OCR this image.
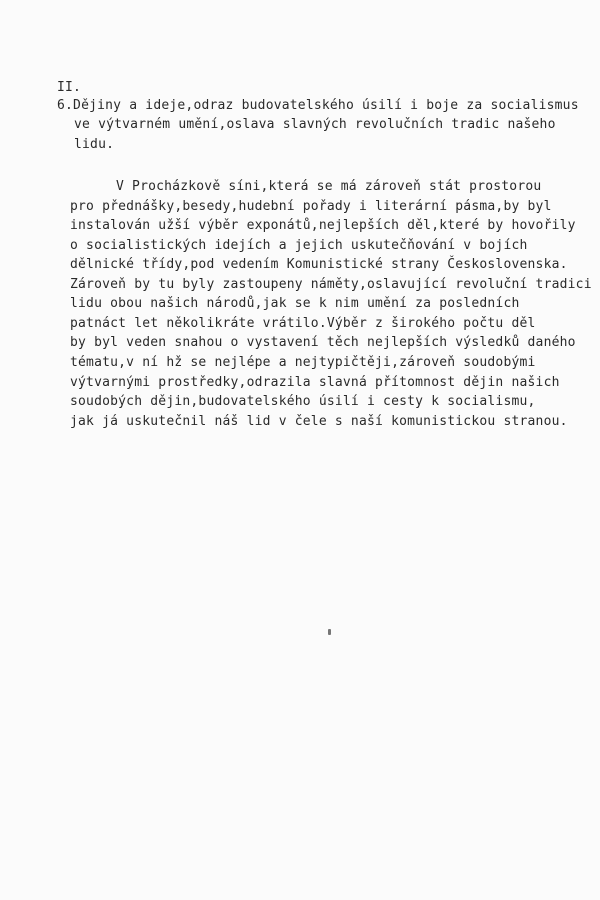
II.
6.Dějiny a ideje,odraz budovatelského úsilí i boje za socialismus
ve výtvarném umění,oslava slavných revolučních tradic našeho
lidu.
V Procházkově síni,která se má zároveň stát prostorou
pro přednášky,besedy,hudební pořady i literární pásma,by byl
instalován užší výběr exponátů,nejlepších děl,které by hovořily
o socialistických idejích a jejich uskutečňování v bojích
dělnické třídy,pod vedením Komunistické strany Československa.
Zároveň by tu byly zastoupeny náměty,oslavující revoluční tradici
lidu obou našich národů,jak se k nim umění za posledních
patnáct let několikráte vrátilo.Výběr z širokého počtu děl
by byl veden snahou o vystavení těch nejlepších výsledků daného
tématu,v ní hž se nejlépe a nejtypičtěji,zároveň soudobými
výtvarnými prostředky,odrazila slavná přítomnost dějin našich
soudobých dějin,budovatelského úsilí i cesty k socialismu,
jak já uskutečnil náš lid v čele s naší komunistickou stranou.
